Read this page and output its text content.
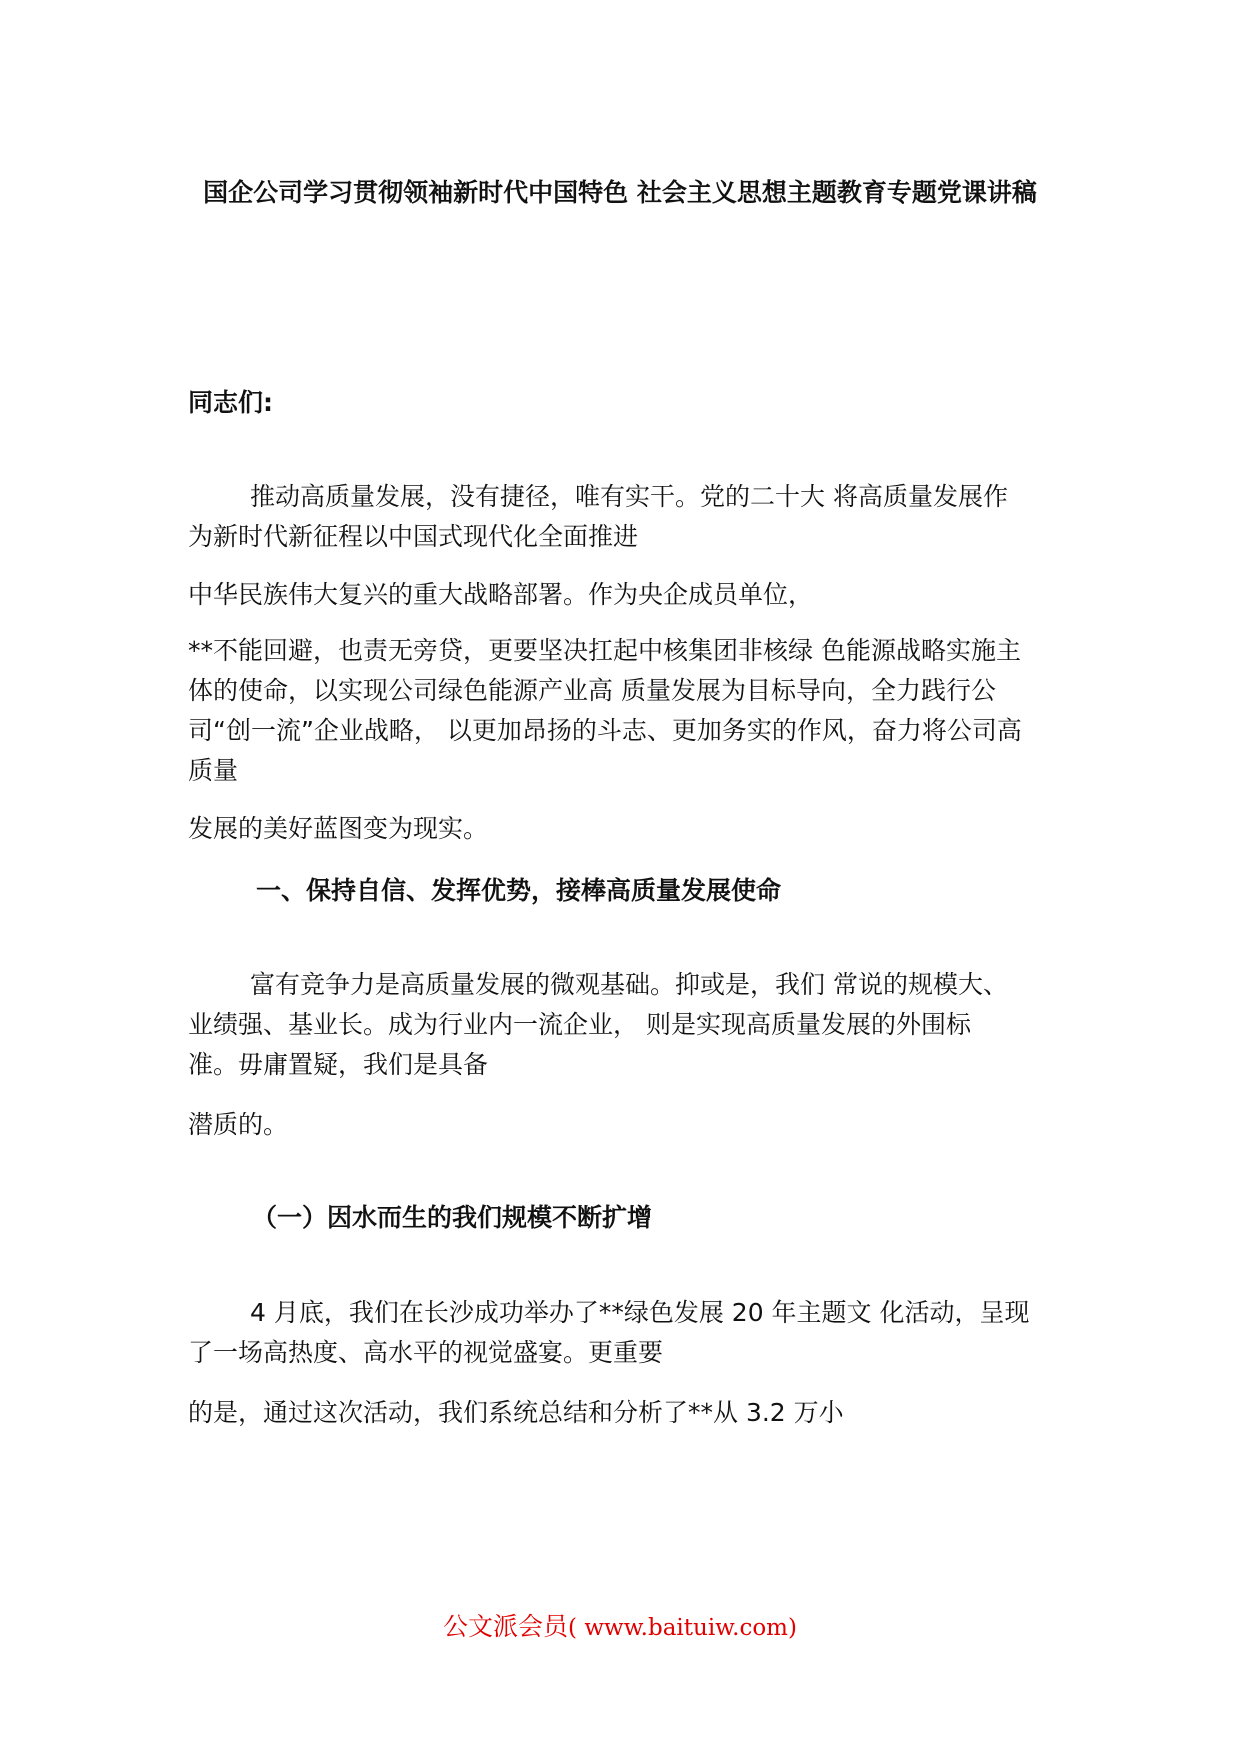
国企公司学习贯彻领袖新时代中国特色 社会主义思想主题教育专题党课讲稿

同志们:

推动高质量发展，没有捷径，唯有实干。党的二十大 将高质量发展作

为新时代新征程以中国式现代化全面推进

中华民族伟大复兴的重大战略部署。作为央企成员单位，

**不能回避，也责无旁贷，更要坚决扛起中核集团非核绿 色能源战略实施主

体的使命，以实现公司绿色能源产业高 质量发展为目标导向，全力践行公

司“创一流”企业战略， 以更加昂扬的斗志、更加务实的作风，奋力将公司高

质量

发展的美好蓝图变为现实。

一、保持自信、发挥优势，接棒高质量发展使命

富有竞争力是高质量发展的微观基础。抑或是，我们 常说的规模大、

业绩强、基业长。成为行业内一流企业， 则是实现高质量发展的外围标

准。毋庸置疑，我们是具备

潜质的。

（一）因水而生的我们规模不断扩增

4 月底，我们在长沙成功举办了**绿色发展 20 年主题文 化活动，呈现

了一场高热度、高水平的视觉盛宴。更重要

的是，通过这次活动，我们系统总结和分析了**从 3.2 万小

公文派会员( www.baituiw.com)
